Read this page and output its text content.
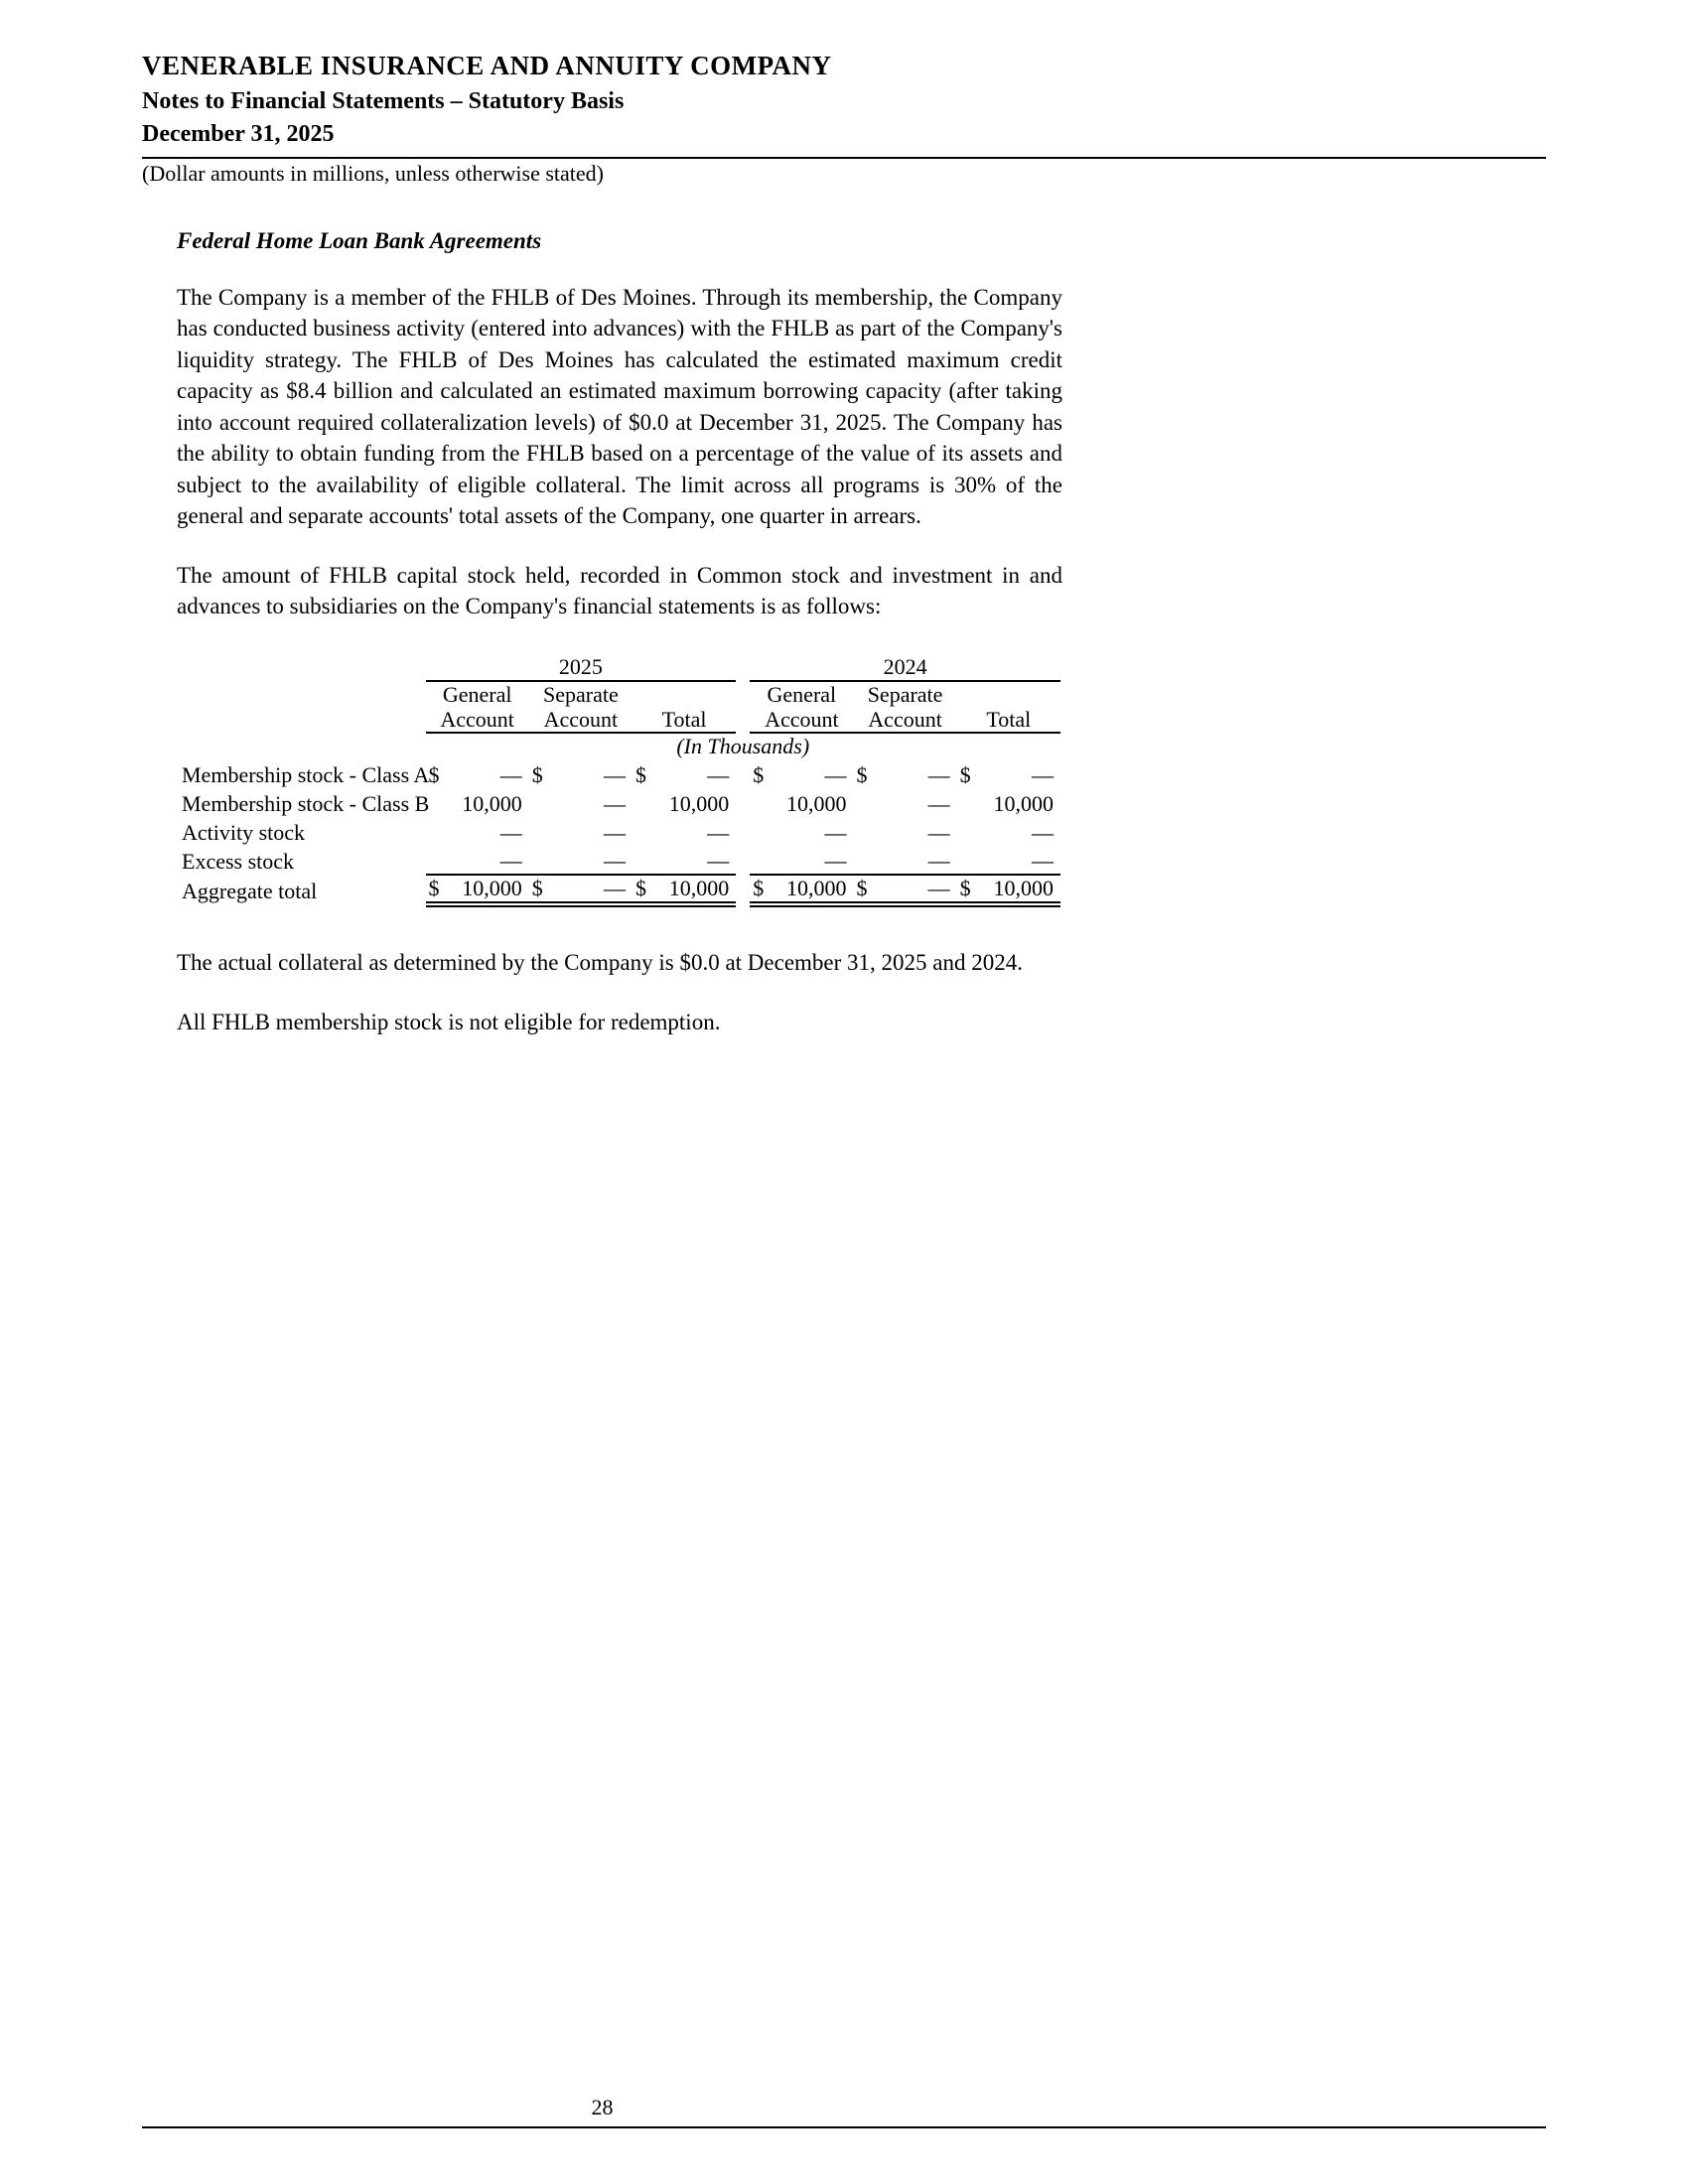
VENERABLE INSURANCE AND ANNUITY COMPANY
Notes to Financial Statements – Statutory Basis
December 31, 2025

(Dollar amounts in millions, unless otherwise stated)

Federal Home Loan Bank Agreements

The Company is a member of the FHLB of Des Moines. Through its membership, the Company has conducted business activity (entered into advances) with the FHLB as part of the Company's liquidity strategy. The FHLB of Des Moines has calculated the estimated maximum credit capacity as $8.4 billion and calculated an estimated maximum borrowing capacity (after taking into account required collateralization levels) of $0.0 at December 31, 2025. The Company has the ability to obtain funding from the FHLB based on a percentage of the value of its assets and subject to the availability of eligible collateral. The limit across all programs is 30% of the general and separate accounts' total assets of the Company, one quarter in arrears.

The amount of FHLB capital stock held, recorded in Common stock and investment in and advances to subsidiaries on the Company's financial statements is as follows:

	2025				2024		
	General Account	Separate Account	Total		General Account	Separate Account	Total
	(In Thousands)						
Membership stock - Class A	$ —	$ —	$ —		$ —	$ —	$ —

Membership stock - Class B	10,000	—	10,000		10,000	—	10,000

Activity stock	—	—	—		—	—	—

Excess stock	—	—	—		—	—	—

Aggregate total	$ 10,000	$ —	$ 10,000		$ 10,000	$ —	$ 10,000

The actual collateral as determined by the Company is $0.0 at December 31, 2025 and 2024.

All FHLB membership stock is not eligible for redemption.

28
